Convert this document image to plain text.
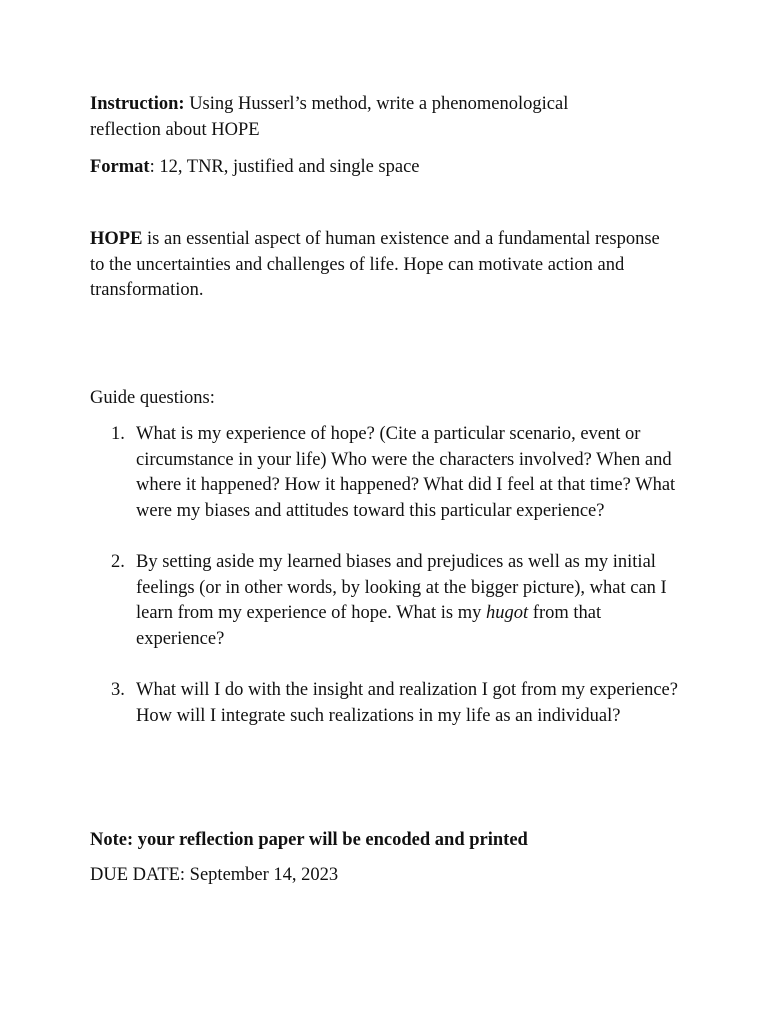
Instruction: Using Husserl’s method, write a phenomenological reflection about HOPE

Format: 12, TNR, justified and single space

HOPE is an essential aspect of human existence and a fundamental response to the uncertainties and challenges of life. Hope can motivate action and transformation.

Guide questions:

1. What is my experience of hope? (Cite a particular scenario, event or circumstance in your life) Who were the characters involved? When and where it happened? How it happened? What did I feel at that time? What were my biases and attitudes toward this particular experience?
2. By setting aside my learned biases and prejudices as well as my initial feelings (or in other words, by looking at the bigger picture), what can I learn from my experience of hope. What is my hugot from that experience?
3. What will I do with the insight and realization I got from my experience? How will I integrate such realizations in my life as an individual?

Note: your reflection paper will be encoded and printed

DUE DATE: September 14, 2023
